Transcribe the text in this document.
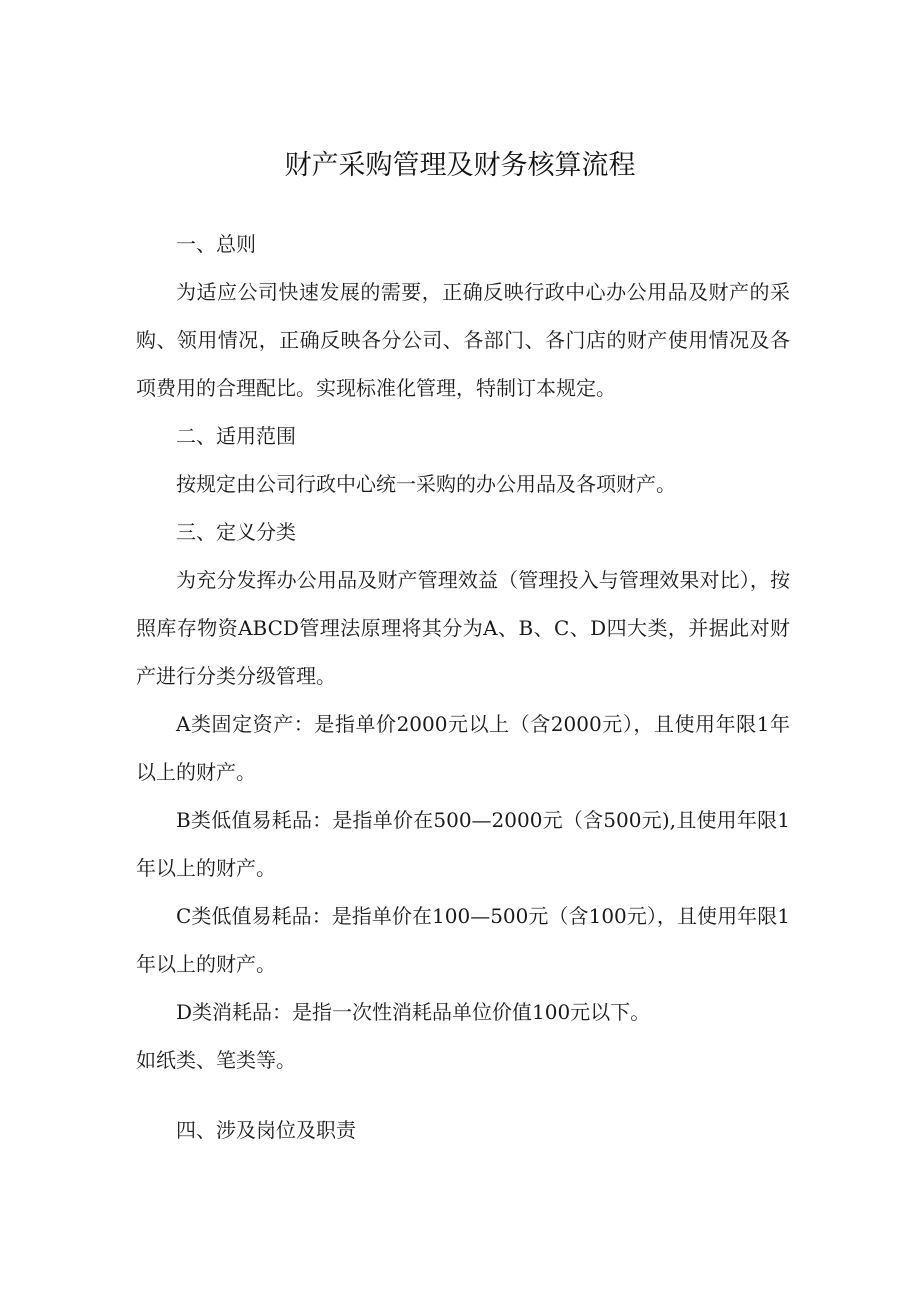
财产采购管理及财务核算流程

一、总则

为适应公司快速发展的需要，正确反映行政中心办公用品及财产的采购、领用情况，正确反映各分公司、各部门、各门店的财产使用情况及各项费用的合理配比。实现标准化管理，特制订本规定。

二、适用范围

按规定由公司行政中心统一采购的办公用品及各项财产。

三、定义分类

为充分发挥办公用品及财产管理效益（管理投入与管理效果对比），按照库存物资ABCD管理法原理将其分为A、B、C、D四大类，并据此对财产进行分类分级管理。

A类固定资产：是指单价2000元以上（含2000元），且使用年限1年以上的财产。

B类低值易耗品：是指单价在500—2000元（含500元),且使用年限1年以上的财产。

C类低值易耗品：是指单价在100—500元（含100元），且使用年限1年以上的财产。

D类消耗品：是指一次性消耗品单位价值100元以下。

如纸类、笔类等。

四、涉及岗位及职责
